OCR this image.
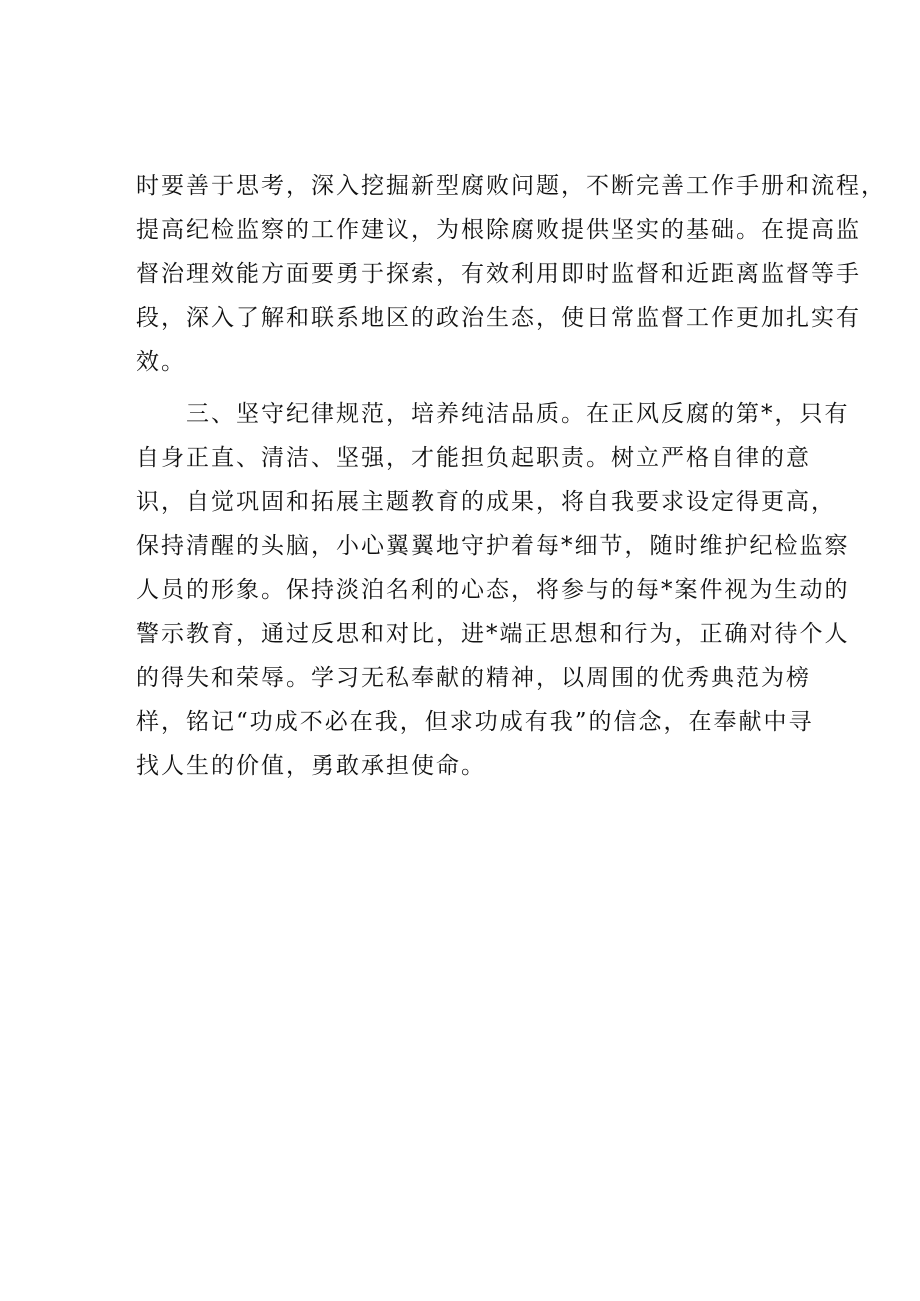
时要善于思考，深入挖掘新型腐败问题，不断完善工作手册和流程，
提高纪检监察的工作建议，为根除腐败提供坚实的基础。在提高监
督治理效能方面要勇于探索，有效利用即时监督和近距离监督等手
段，深入了解和联系地区的政治生态，使日常监督工作更加扎实有
效。
　　三、坚守纪律规范，培养纯洁品质。在正风反腐的第*，只有
自身正直、清洁、坚强，才能担负起职责。树立严格自律的意
识，自觉巩固和拓展主题教育的成果，将自我要求设定得更高，
保持清醒的头脑，小心翼翼地守护着每*细节，随时维护纪检监察
人员的形象。保持淡泊名利的心态，将参与的每*案件视为生动的
警示教育，通过反思和对比，进*端正思想和行为，正确对待个人
的得失和荣辱。学习无私奉献的精神，以周围的优秀典范为榜
样，铭记“功成不必在我，但求功成有我”的信念，在奉献中寻
找人生的价值，勇敢承担使命。
